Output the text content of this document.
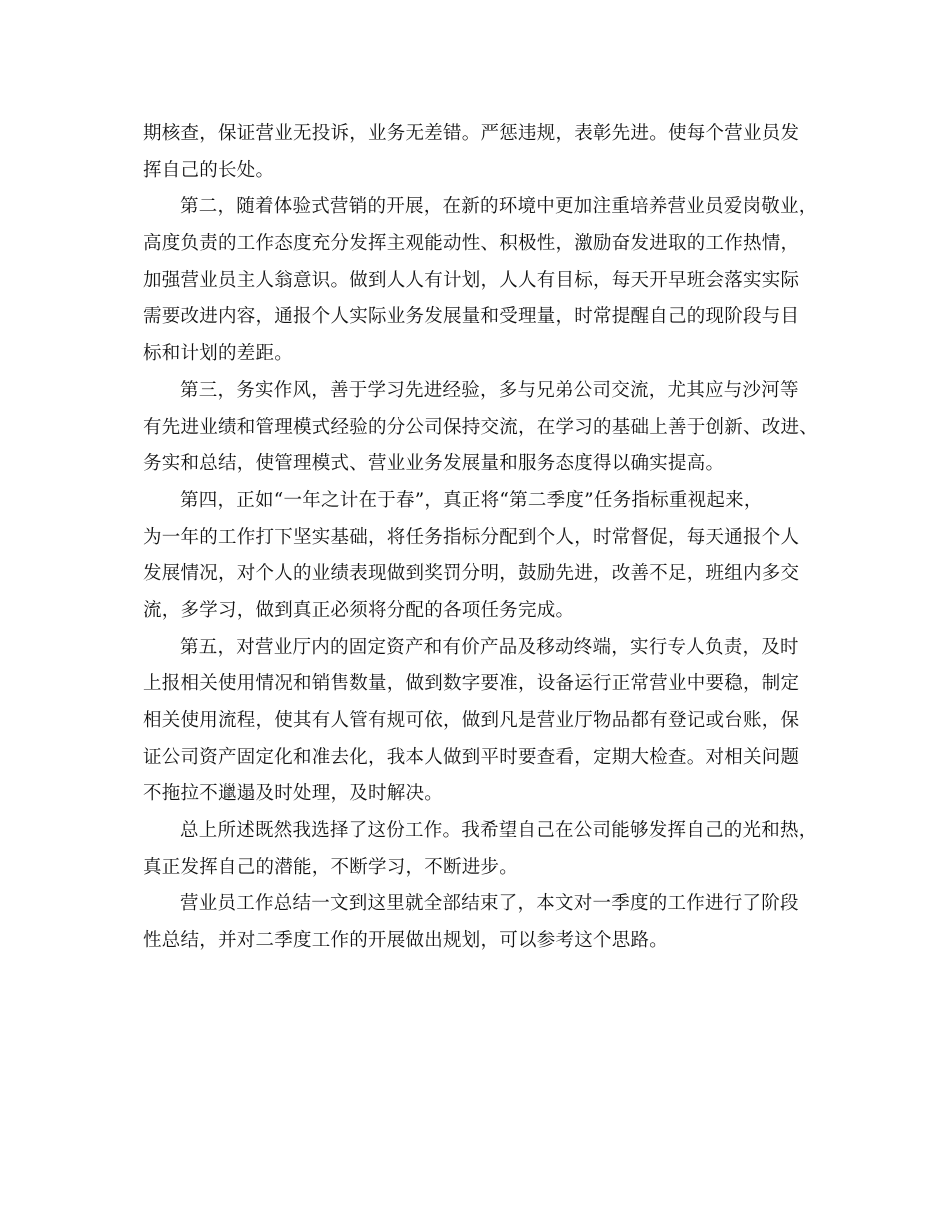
期核查，保证营业无投诉，业务无差错。严惩违规，表彰先进。使每个营业员发
挥自己的长处。
第二，随着体验式营销的开展，在新的环境中更加注重培养营业员爱岗敬业，
高度负责的工作态度充分发挥主观能动性、积极性，激励奋发进取的工作热情，
加强营业员主人翁意识。做到人人有计划，人人有目标，每天开早班会落实实际
需要改进内容，通报个人实际业务发展量和受理量，时常提醒自己的现阶段与目
标和计划的差距。
第三，务实作风，善于学习先进经验，多与兄弟公司交流，尤其应与沙河等
有先进业绩和管理模式经验的分公司保持交流，在学习的基础上善于创新、改进、
务实和总结，使管理模式、营业业务发展量和服务态度得以确实提高。
第四，正如“一年之计在于春”，真正将“第二季度”任务指标重视起来，
为一年的工作打下坚实基础，将任务指标分配到个人，时常督促，每天通报个人
发展情况，对个人的业绩表现做到奖罚分明，鼓励先进，改善不足，班组内多交
流，多学习，做到真正必须将分配的各项任务完成。
第五，对营业厅内的固定资产和有价产品及移动终端，实行专人负责，及时
上报相关使用情况和销售数量，做到数字要准，设备运行正常营业中要稳，制定
相关使用流程，使其有人管有规可依，做到凡是营业厅物品都有登记或台账，保
证公司资产固定化和准去化，我本人做到平时要查看，定期大检查。对相关问题
不拖拉不邋遢及时处理，及时解决。
总上所述既然我选择了这份工作。我希望自己在公司能够发挥自己的光和热，
真正发挥自己的潜能，不断学习，不断进步。
营业员工作总结一文到这里就全部结束了，本文对一季度的工作进行了阶段
性总结，并对二季度工作的开展做出规划，可以参考这个思路。
